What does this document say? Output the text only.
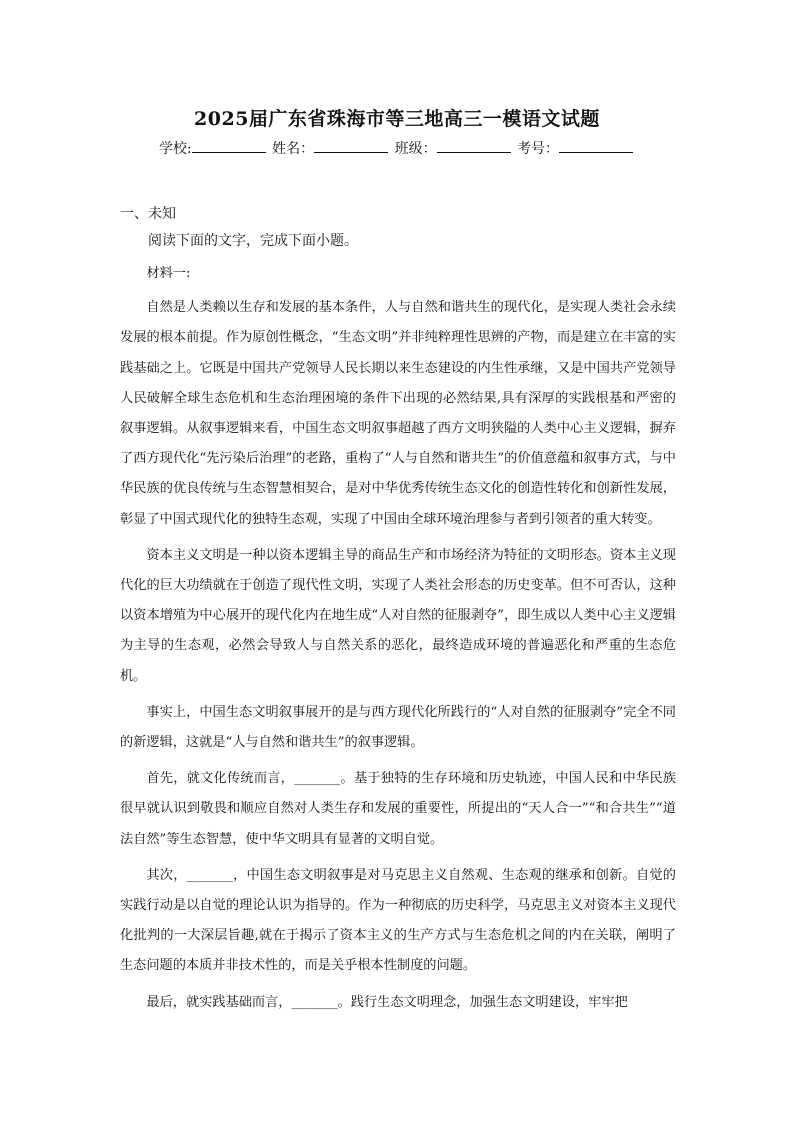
2025届广东省珠海市等三地高三一模语文试题
学校:	姓名：	班级：	考号：
一、未知

阅读下面的文字，完成下面小题。

材料一:

自然是人类赖以生存和发展的基本条件，人与自然和谐共生的现代化，是实现人类社会永续发展的根本前提。作为原创性概念，“生态文明”并非纯粹理性思辨的产物，而是建立在丰富的实践基础之上。它既是中国共产党领导人民长期以来生态建设的内生性承继，又是中国共产党领导人民破解全球生态危机和生态治理困境的条件下出现的必然结果,具有深厚的实践根基和严密的叙事逻辑。从叙事逻辑来看，中国生态文明叙事超越了西方文明狭隘的人类中心主义逻辑，摒弃了西方现代化“先污染后治理”的老路，重构了“人与自然和谐共生”的价值意蕴和叙事方式，与中华民族的优良传统与生态智慧相契合，是对中华优秀传统生态文化的创造性转化和创新性发展，彰显了中国式现代化的独特生态观，实现了中国由全球环境治理参与者到引领者的重大转变。

资本主义文明是一种以资本逻辑主导的商品生产和市场经济为特征的文明形态。资本主义现代化的巨大功绩就在于创造了现代性文明，实现了人类社会形态的历史变革。但不可否认，这种以资本增殖为中心展开的现代化内在地生成“人对自然的征服剥夺”，即生成以人类中心主义逻辑为主导的生态观，必然会导致人与自然关系的恶化，最终造成环境的普遍恶化和严重的生态危机。

事实上，中国生态文明叙事展开的是与西方现代化所践行的“人对自然的征服剥夺”完全不同的新逻辑，这就是“人与自然和谐共生”的叙事逻辑。

首先，就文化传统而言，_______。基于独特的生存环境和历史轨迹，中国人民和中华民族很早就认识到敬畏和顺应自然对人类生存和发展的重要性，所提出的“天人合一”“和合共生”“道法自然”等生态智慧，使中华文明具有显著的文明自觉。

其次，_______，中国生态文明叙事是对马克思主义自然观、生态观的继承和创新。自觉的实践行动是以自觉的理论认识为指导的。作为一种彻底的历史科学，马克思主义对资本主义现代化批判的一大深层旨趣,就在于揭示了资本主义的生产方式与生态危机之间的内在关联，阐明了生态问题的本质并非技术性的，而是关乎根本性制度的问题。

最后，就实践基础而言，_______。践行生态文明理念，加强生态文明建设，牢牢把
